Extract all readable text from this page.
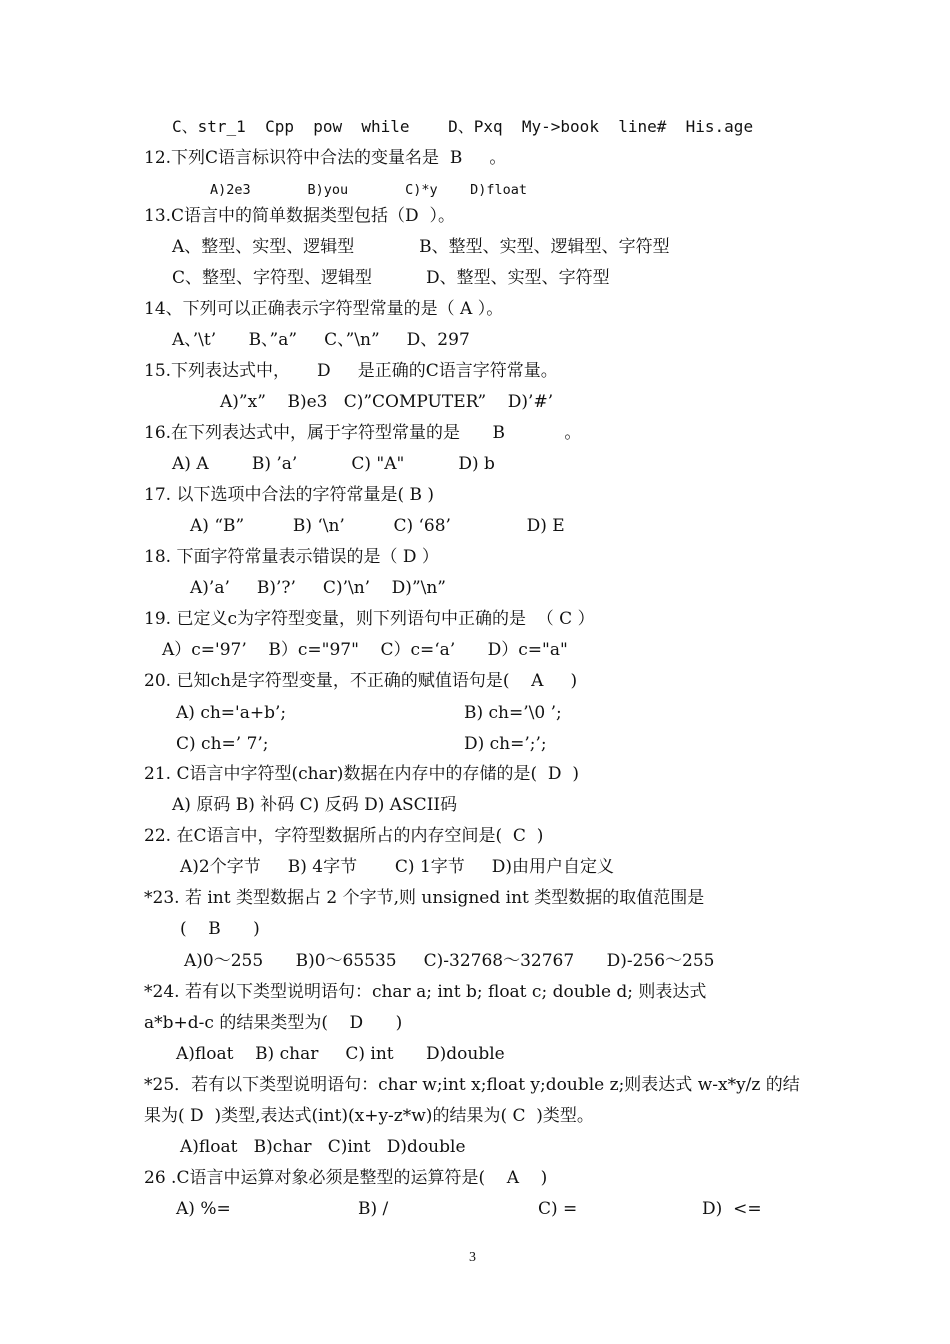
C、str_1  Cpp  pow  while    D、Pxq  My->book  line#  His.age
12.下列C语言标识符中合法的变量名是  B     。
A)2e3       B)you       C)*y    D)float
13.C语言中的简单数据类型包括（D  ）。
A、整型、实型、逻辑型            B、整型、实型、逻辑型、字符型
C、整型、字符型、逻辑型          D、整型、实型、字符型
14、下列可以正确表示字符型常量的是（ A ）。
A、’\t’      B、”a”     C、”\n”     D、297
15.下列表达式中，     D     是正确的C语言字符常量。
A)”x”    B)e3   C)”COMPUTER”    D)’#’
16.在下列表达式中，属于字符型常量的是      B           。
A) A        B) ’a’          C) "A"          D) b
17. 以下选项中合法的字符常量是( B )
A) “B”         B) ‘\n’         C) ‘68’              D) E
18. 下面字符常量表示错误的是（ D ）
A)’a’     B)’?’     C)’\n’    D)”\n”
19. 已定义c为字符型变量，则下列语句中正确的是  （ C ）
A）c='97’    B）c="97"    C）c=‘a’      D）c="a"
20. 已知ch是字符型变量，不正确的赋值语句是(    A     )
A) ch='a+b’;	B) ch=’\0 ’;
C) ch=’ 7’;	D) ch=’;’;
21. C语言中字符型(char)数据在内存中的存储的是(  D  )
A) 原码 B) 补码 C) 反码 D) ASCII码
22. 在C语言中，字符型数据所占的内存空间是(  C  )
A)2个字节     B) 4字节       C) 1字节     D)由用户自定义
*23. 若 int 类型数据占 2 个字节,则 unsigned int 类型数据的取值范围是
(    B      )
A)0～255      B)0～65535     C)-32768～32767      D)-256～255
*24. 若有以下类型说明语句：char a; int b; float c; double d; 则表达式
a*b+d-c 的结果类型为(    D      )
A)float    B) char     C) int      D)double
*25．若有以下类型说明语句：char w;int x;float y;double z;则表达式 w-x*y/z 的结
果为( D  )类型,表达式(int)(x+y-z*w)的结果为( C  )类型。
A)float   B)char   C)int   D)double
26 .C语言中运算对象必须是整型的运算符是(    A    )
A) %=	B) /	C) =	D)  <=
3
